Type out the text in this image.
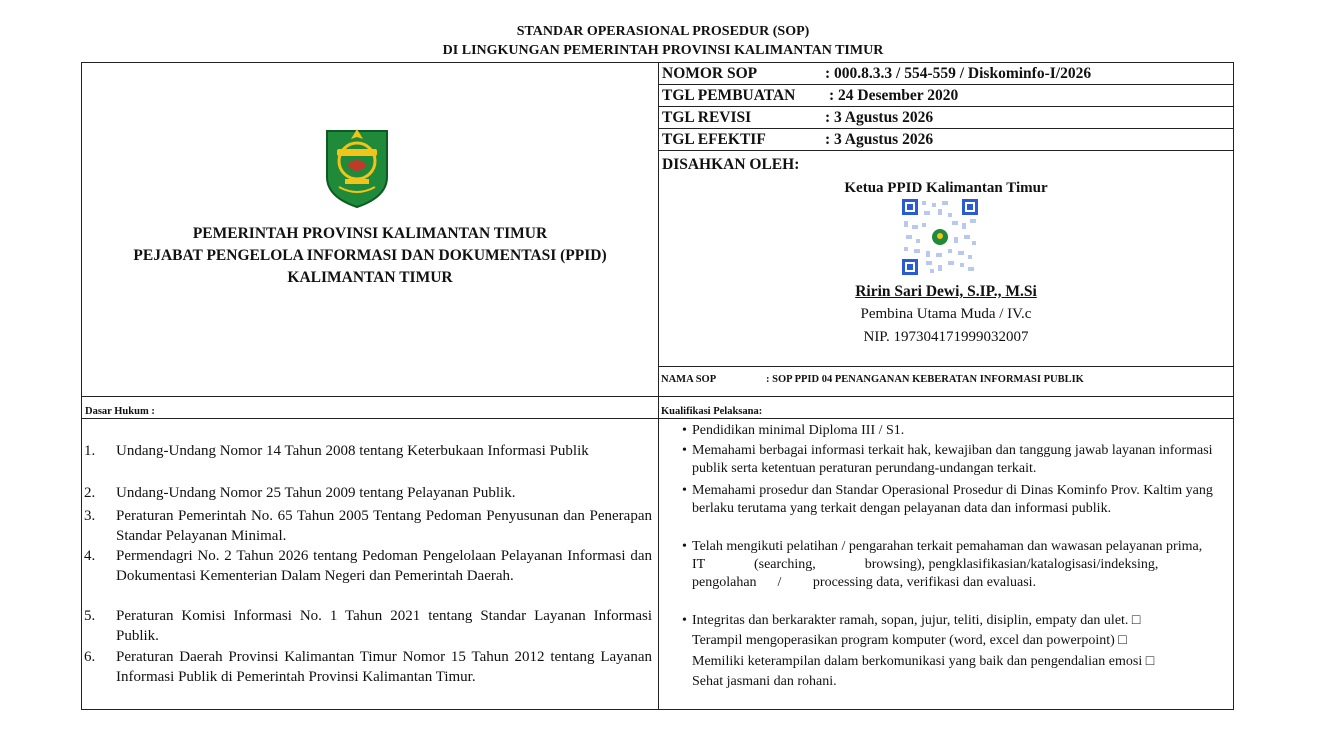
STANDAR OPERASIONAL PROSEDUR (SOP)
DI LINGKUNGAN PEMERINTAH PROVINSI KALIMANTAN TIMUR
PEMERINTAH PROVINSI KALIMANTAN TIMUR
PEJABAT PENGELOLA INFORMASI DAN DOKUMENTASI (PPID)
KALIMANTAN TIMUR
NOMOR SOP	: 000.8.3.3 / 554-559 / Diskominfo-I/2026
TGL PEMBUATAN : 24 Desember 2020
TGL REVISI	: 3 Agustus 2026
TGL EFEKTIF	: 3 Agustus 2026
DISAHKAN OLEH:
Ketua PPID Kalimantan Timur
Ririn Sari Dewi, S.IP., M.Si
Pembina Utama Muda / IV.c
NIP. 197304171999032007
NAMA SOP	: SOP PPID 04 PENANGANAN KEBERATAN INFORMASI PUBLIK
Dasar Hukum :	Kualifikasi Pelaksana:
1. Undang-Undang Nomor 14 Tahun 2008 tentang Keterbukaan Informasi Publik
2. Undang-Undang Nomor 25 Tahun 2009 tentang Pelayanan Publik.
3. Peraturan Pemerintah No. 65 Tahun 2005 Tentang Pedoman Penyusunan dan Penerapan Standar Pelayanan Minimal.
4. Permendagri No. 2 Tahun 2026 tentang Pedoman Pengelolaan Pelayanan Informasi dan Dokumentasi Kementerian Dalam Negeri dan Pemerintah Daerah.
5. Peraturan Komisi Informasi No. 1 Tahun 2021 tentang Standar Layanan Informasi Publik.
6. Peraturan Daerah Provinsi Kalimantan Timur Nomor 15 Tahun 2012 tentang Layanan Informasi Publik di Pemerintah Provinsi Kalimantan Timur.
• Pendidikan minimal Diploma III / S1.
• Memahami berbagai informasi terkait hak, kewajiban dan tanggung jawab layanan informasi publik serta ketentuan peraturan perundang-undangan terkait.
• Memahami prosedur dan Standar Operasional Prosedur di Dinas Kominfo Prov. Kaltim yang berlaku terutama yang terkait dengan pelayanan data dan informasi publik.
• Telah mengikuti pelatihan / pengarahan terkait pemahaman dan wawasan pelayanan prima,              IT              (searching,              browsing), pengklasifikasian/katalogisasi/indeksing,    pengolahan      /         processing data, verifikasi dan evaluasi.
• Integritas dan berkarakter ramah, sopan, jujur, teliti, disiplin, empaty dan ulet. □
Terampil mengoperasikan program komputer (word, excel dan powerpoint) □
Memiliki keterampilan dalam berkomunikasi yang baik dan pengendalian emosi □
Sehat jasmani dan rohani.
